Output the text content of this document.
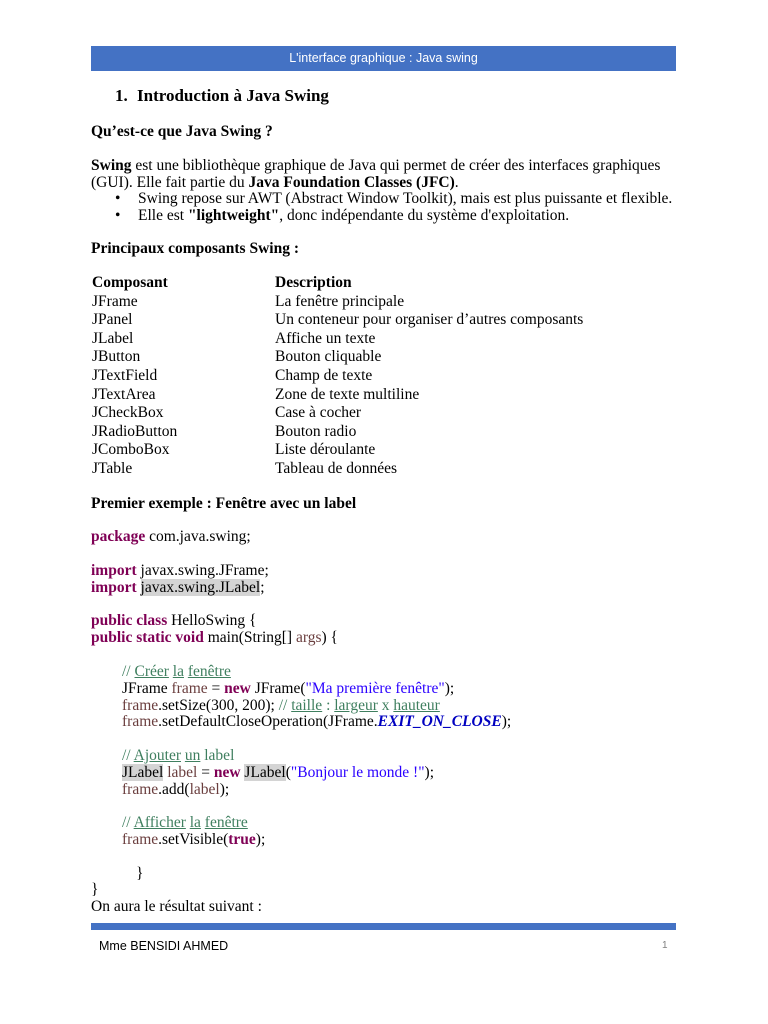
L'interface graphique : Java swing
1. Introduction à Java Swing
Qu’est-ce que Java Swing ?
Swing est une bibliothèque graphique de Java qui permet de créer des interfaces graphiques
(GUI). Elle fait partie du Java Foundation Classes (JFC).
• Swing repose sur AWT (Abstract Window Toolkit), mais est plus puissante et flexible.
• Elle est "lightweight", donc indépendante du système d'exploitation.
Principaux composants Swing :
Composant	Description
JFrame	La fenêtre principale
JPanel	Un conteneur pour organiser d’autres composants
JLabel	Affiche un texte
JButton	Bouton cliquable
JTextField	Champ de texte
JTextArea	Zone de texte multiline
JCheckBox	Case à cocher
JRadioButton	Bouton radio
JComboBox	Liste déroulante
JTable	Tableau de données
Premier exemple : Fenêtre avec un label
package com.java.swing;
import javax.swing.JFrame;
import javax.swing.JLabel;
public class HelloSwing {
public static void main(String[] args) {
// Créer la fenêtre
JFrame frame = new JFrame("Ma première fenêtre");
frame.setSize(300, 200); // taille : largeur x hauteur
frame.setDefaultCloseOperation(JFrame.EXIT_ON_CLOSE);
// Ajouter un label
JLabel label = new JLabel("Bonjour le monde !");
frame.add(label);
// Afficher la fenêtre
frame.setVisible(true);
}
}
On aura le résultat suivant :
Mme BENSIDI AHMED	1
